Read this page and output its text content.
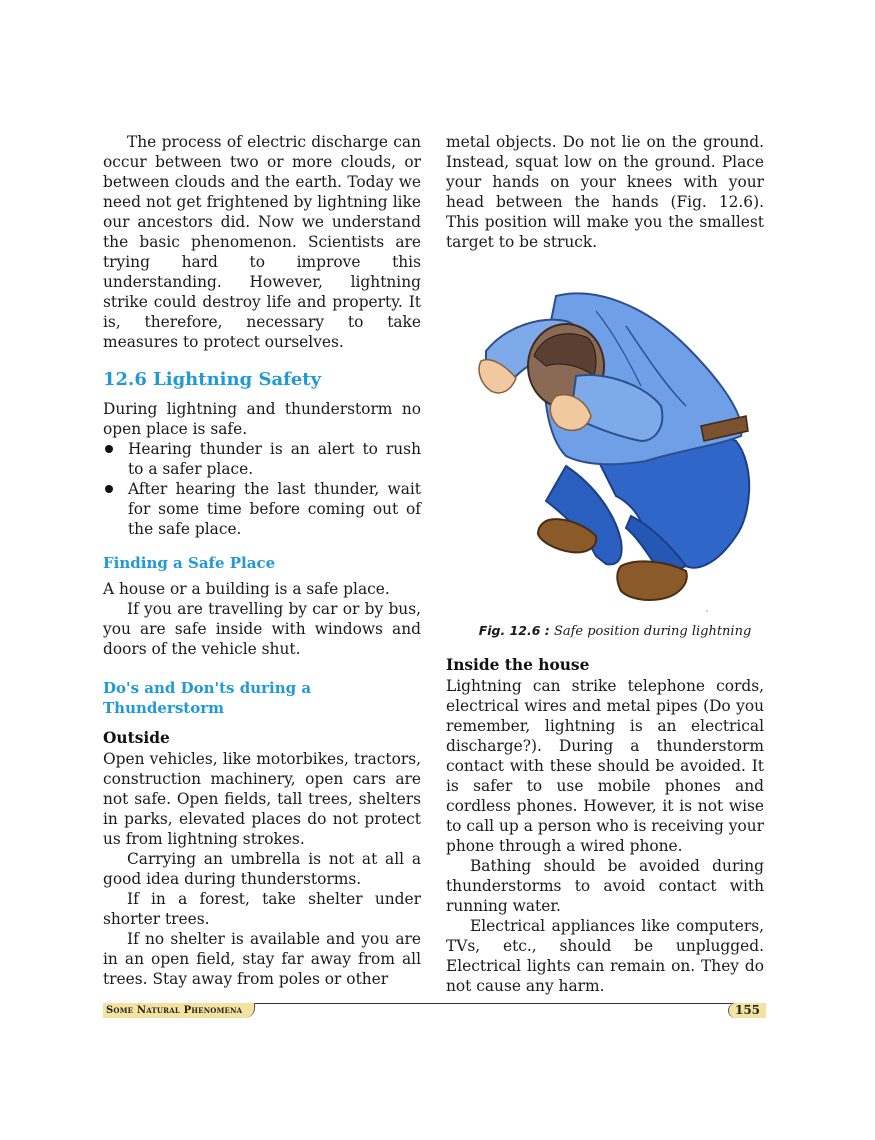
The process of electric discharge can occur between two or more clouds, or between clouds and the earth. Today we need not get frightened by lightning like our ancestors did. Now we understand the basic phenomenon. Scientists are trying hard to improve this understanding. However, lightning strike could destroy life and property. It is, therefore, necessary to take measures to protect ourselves.

12.6 Lightning Safety

During lightning and thunderstorm no open place is safe.

Hearing thunder is an alert to rush to a safer place.
After hearing the last thunder, wait for some time before coming out of the safe place.
Finding a Safe Place

A house or a building is a safe place.

If you are travelling by car or by bus, you are safe inside with windows and doors of the vehicle shut.

Do's and Don'ts during a Thunderstorm
Outside

Open vehicles, like motorbikes, tractors, construction machinery, open cars are not safe. Open fields, tall trees, shelters in parks, elevated places do not protect us from lightning strokes.

Carrying an umbrella is not at all a good idea during thunderstorms.

If in a forest, take shelter under shorter trees.

If no shelter is available and you are in an open field, stay far away from all trees. Stay away from poles or other

metal objects. Do not lie on the ground. Instead, squat low on the ground. Place your hands on your knees with your head between the hands (Fig. 12.6). This position will make you the smallest target to be struck.

Fig. 12.6 : Safe position during lightning
Inside the house

Lightning can strike telephone cords, electrical wires and metal pipes (Do you remember, lightning is an electrical discharge?). During a thunderstorm contact with these should be avoided. It is safer to use mobile phones and cordless phones. However, it is not wise to call up a person who is receiving your phone through a wired phone.

Bathing should be avoided during thunderstorms to avoid contact with running water.

Electrical appliances like computers, TVs, etc., should be unplugged. Electrical lights can remain on. They do not cause any harm.

Some Natural Phenomena	155
